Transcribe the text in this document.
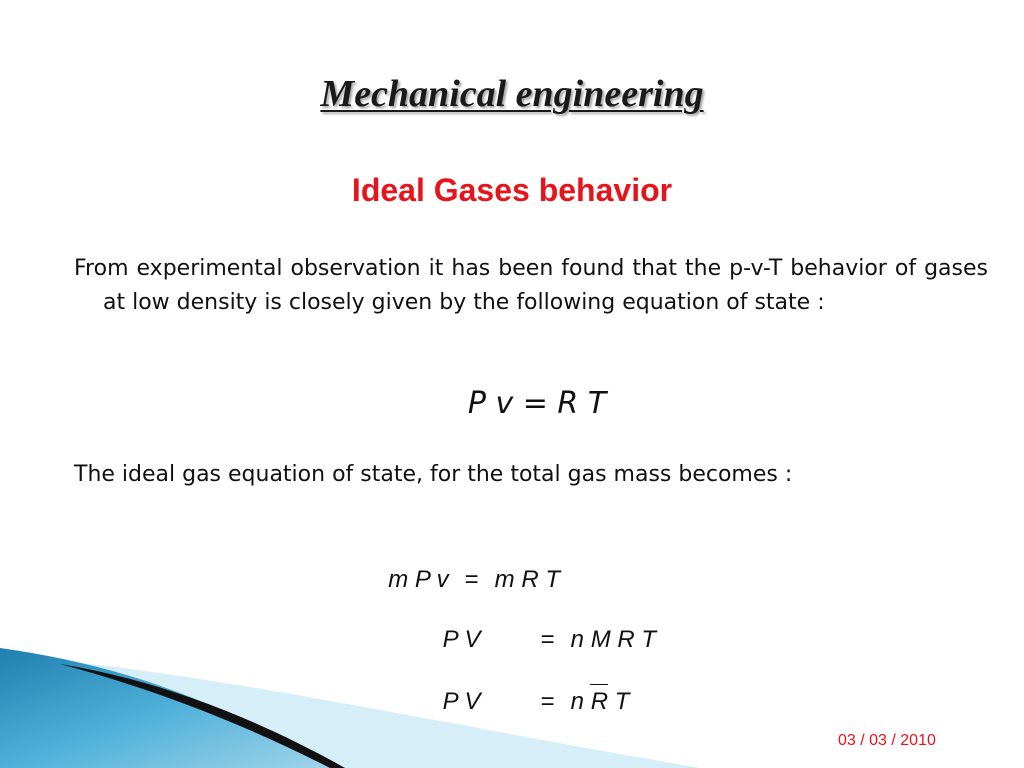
Mechanical engineering
Ideal Gases behavior
From experimental observation it has been found that the p-v-T behavior of gases at low density is closely given by the following equation of state :
P v = R T
The ideal gas equation of state, for the total gas mass becomes :

m P v = m R T

P V	= n M R T

P V	= n R T

03 / 03 / 2010
